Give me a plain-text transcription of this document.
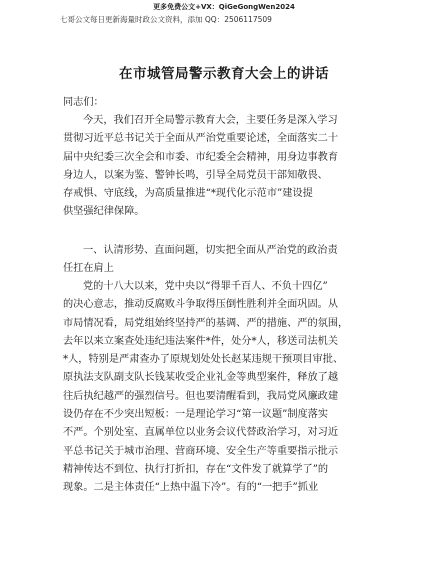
更多免费公文+VX：QiGeGongWen2024
七哥公文每日更新海量时政公文资料，添加 QQ：2506117509
在市城管局警示教育大会上的讲话
同志们：
今天，我们召开全局警示教育大会，主要任务是深入学习
贯彻习近平总书记关于全面从严治党重要论述，全面落实二十
届中央纪委三次全会和市委、市纪委全会精神，用身边事教育
身边人，以案为鉴、警钟长鸣，引导全局党员干部知敬畏、
存戒惧、守底线，为高质量推进“*现代化示范市”建设提
供坚强纪律保障。
一、认清形势、直面问题，切实把全面从严治党的政治责
任扛在肩上
党的十八大以来，党中央以“得罪千百人、不负十四亿”
的决心意志，推动反腐败斗争取得压倒性胜利并全面巩固。从
市局情况看，局党组始终坚持严的基调、严的措施、严的氛围，
去年以来立案查处违纪违法案件*件，处分*人，移送司法机关
*人，特别是严肃查办了原规划处处长赵某违规干预项目审批、
原执法支队副支队长钱某收受企业礼金等典型案件，释放了越
往后执纪越严的强烈信号。但也要清醒看到，我局党风廉政建
设仍存在不少突出短板：一是理论学习“第一议题”制度落实
不严。个别处室、直属单位以业务会议代替政治学习，对习近
平总书记关于城市治理、营商环境、安全生产等重要指示批示
精神传达不到位、执行打折扣，存在“文件发了就算学了”的
现象。二是主体责任“上热中温下冷”。有的“一把手”抓业
